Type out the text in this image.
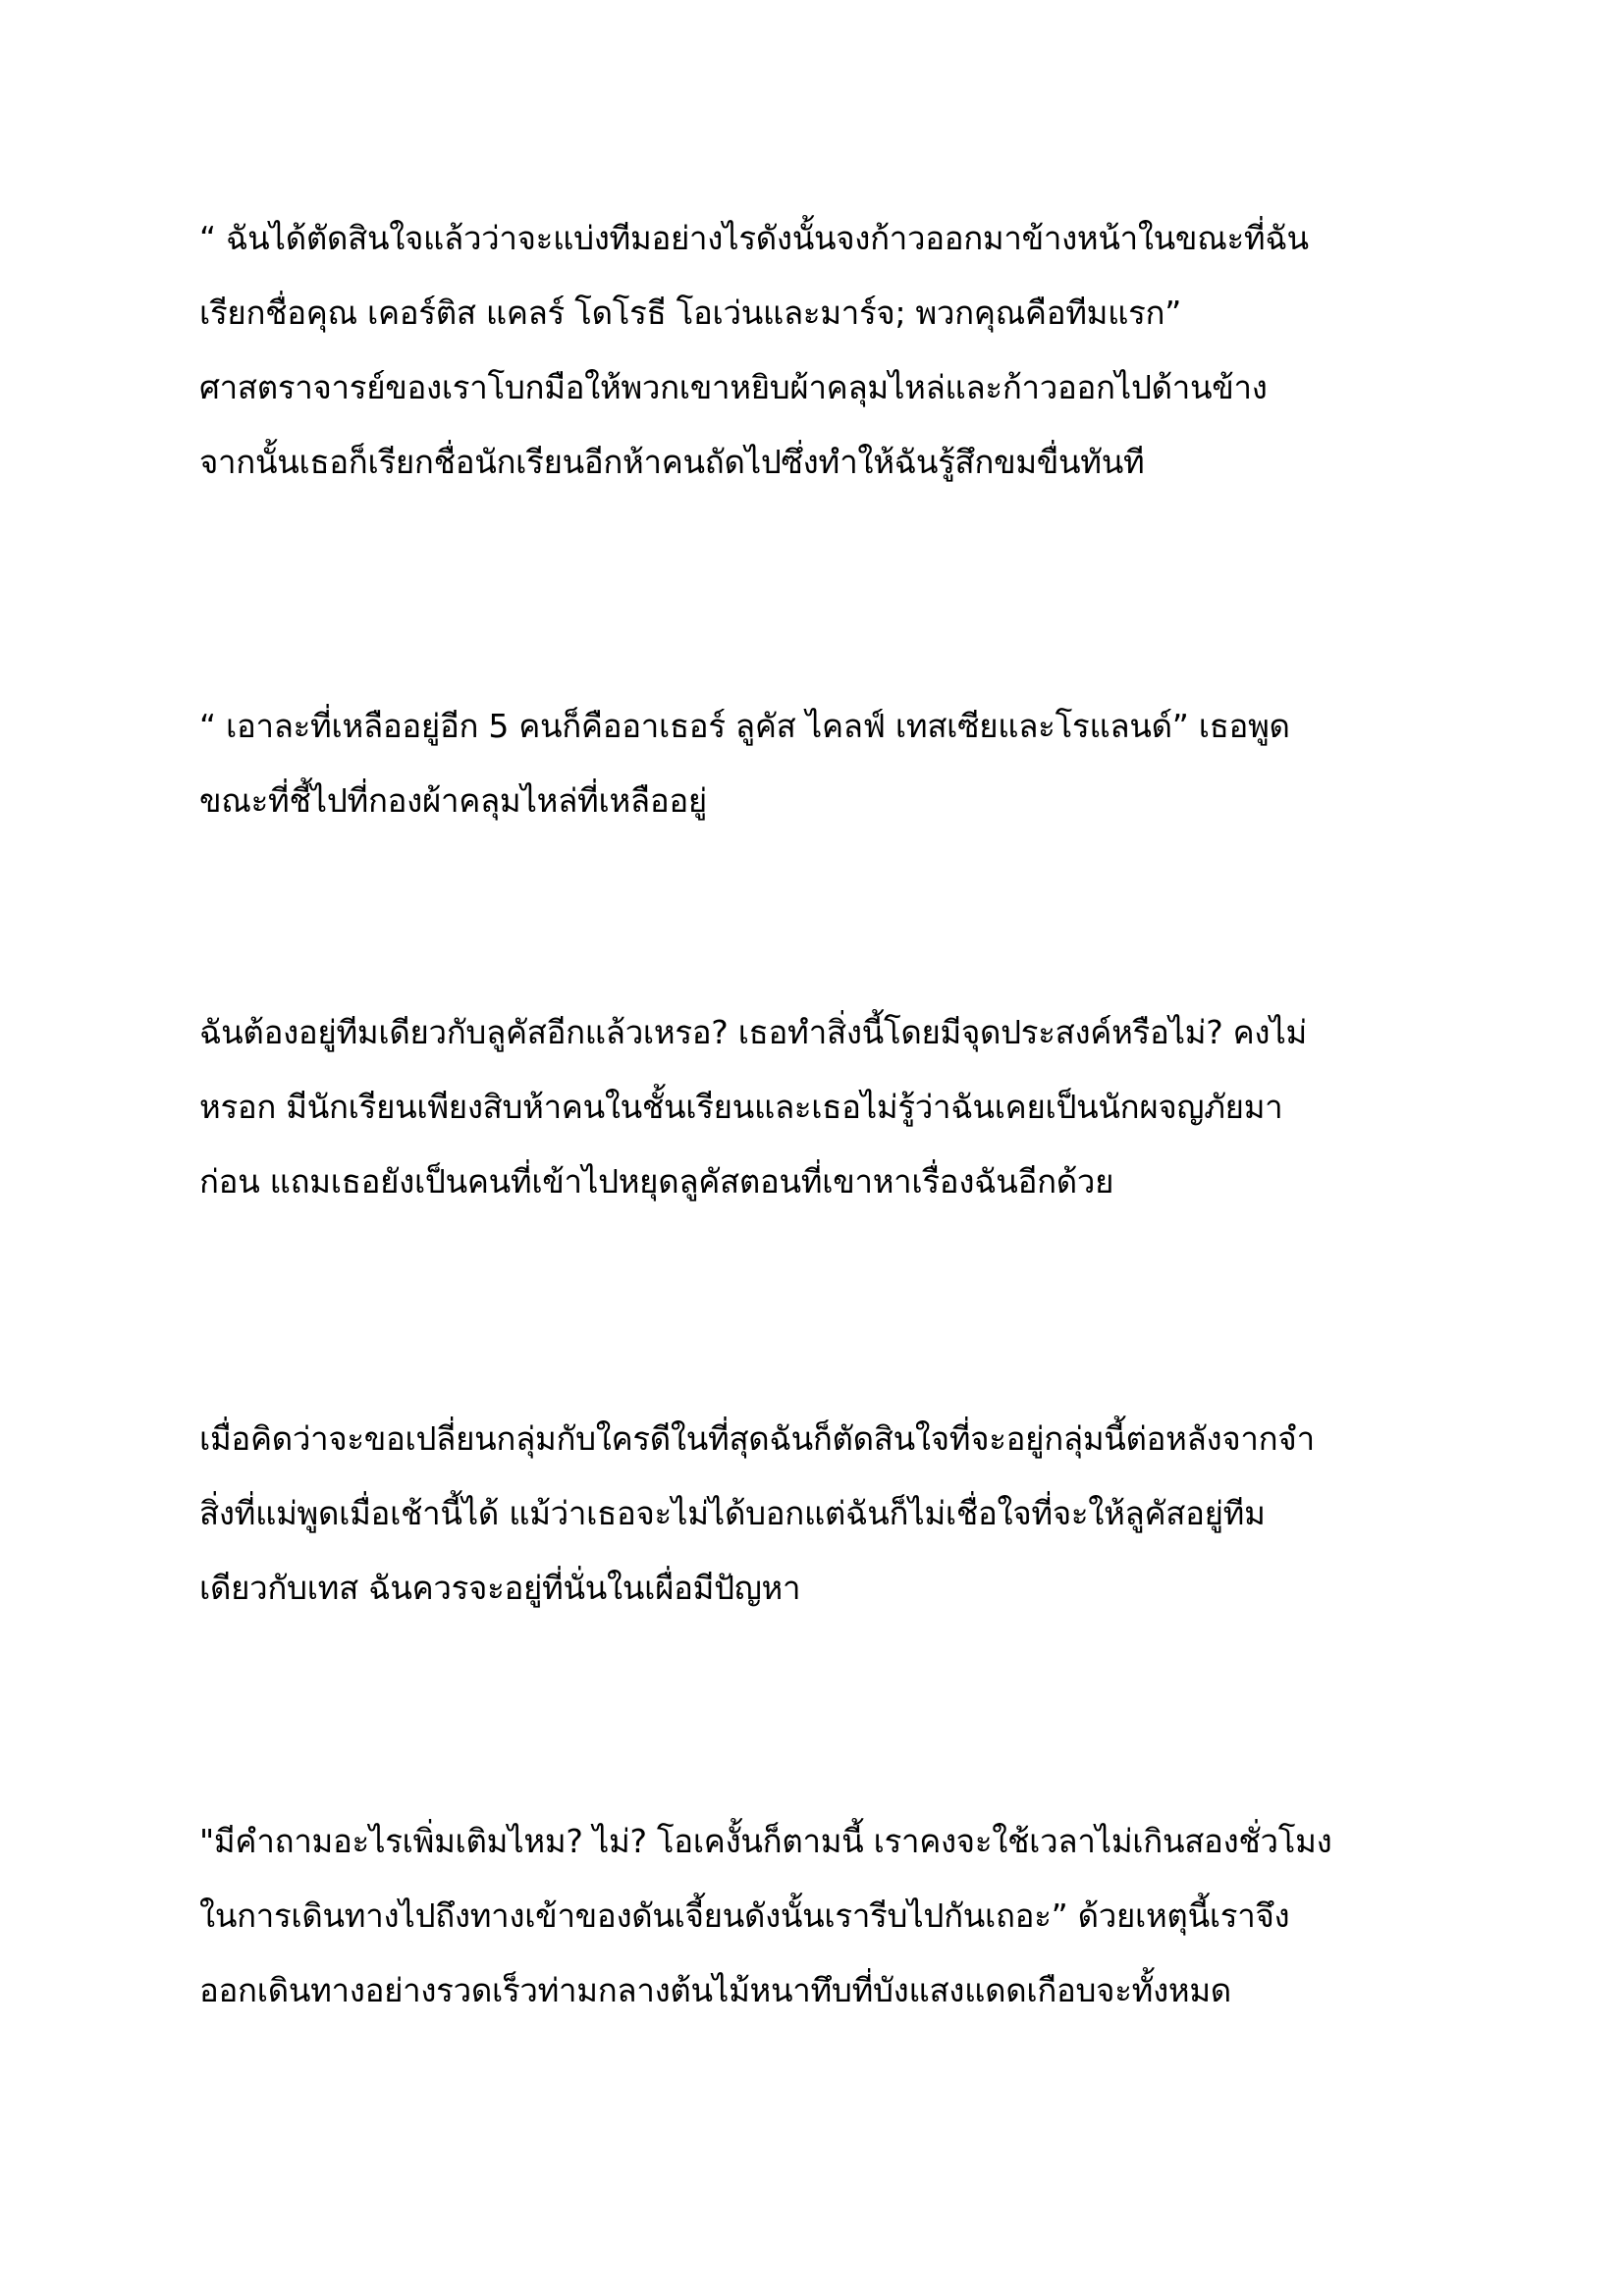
“ ฉันได้ตัดสินใจแล้วว่าจะแบ่งทีมอย่างไรดังนั้นจงก้าวออกมาข้างหน้าในขณะที่ฉัน
เรียกชื่อคุณ เคอร์ติส แคลร์ โดโรธี โอเว่นและมาร์จ; พวกคุณคือทีมแรก”
ศาสตราจารย์ของเราโบกมือให้พวกเขาหยิบผ้าคลุมไหล่และก้าวออกไปด้านข้าง
จากนั้นเธอก็เรียกชื่อนักเรียนอีกห้าคนถัดไปซึ่งทำให้ฉันรู้สึกขมขื่นทันที
“ เอาละที่เหลืออยู่อีก 5 คนก็คืออาเธอร์ ลูคัส ไคลฟ์ เทสเซียและโรแลนด์” เธอพูด
ขณะที่ชี้ไปที่กองผ้าคลุมไหล่ที่เหลืออยู่
ฉันต้องอยู่ทีมเดียวกับลูคัสอีกแล้วเหรอ? เธอทำสิ่งนี้โดยมีจุดประสงค์หรือไม่? คงไม่
หรอก มีนักเรียนเพียงสิบห้าคนในชั้นเรียนและเธอไม่รู้ว่าฉันเคยเป็นนักผจญภัยมา
ก่อน แถมเธอยังเป็นคนที่เข้าไปหยุดลูคัสตอนที่เขาหาเรื่องฉันอีกด้วย
เมื่อคิดว่าจะขอเปลี่ยนกลุ่มกับใครดีในที่สุดฉันก็ตัดสินใจที่จะอยู่กลุ่มนี้ต่อหลังจากจำ
สิ่งที่แม่พูดเมื่อเช้านี้ได้ แม้ว่าเธอจะไม่ได้บอกแต่ฉันก็ไม่เชื่อใจที่จะให้ลูคัสอยู่ทีม
เดียวกับเทส ฉันควรจะอยู่ที่นั่นในเผื่อมีปัญหา
"มีคำถามอะไรเพิ่มเติมไหม? ไม่? โอเคงั้นก็ตามนี้ เราคงจะใช้เวลาไม่เกินสองชั่วโมง
ในการเดินทางไปถึงทางเข้าของดันเจี้ยนดังนั้นเรารีบไปกันเถอะ” ด้วยเหตุนี้เราจึง
ออกเดินทางอย่างรวดเร็วท่ามกลางต้นไม้หนาทึบที่บังแสงแดดเกือบจะทั้งหมด
